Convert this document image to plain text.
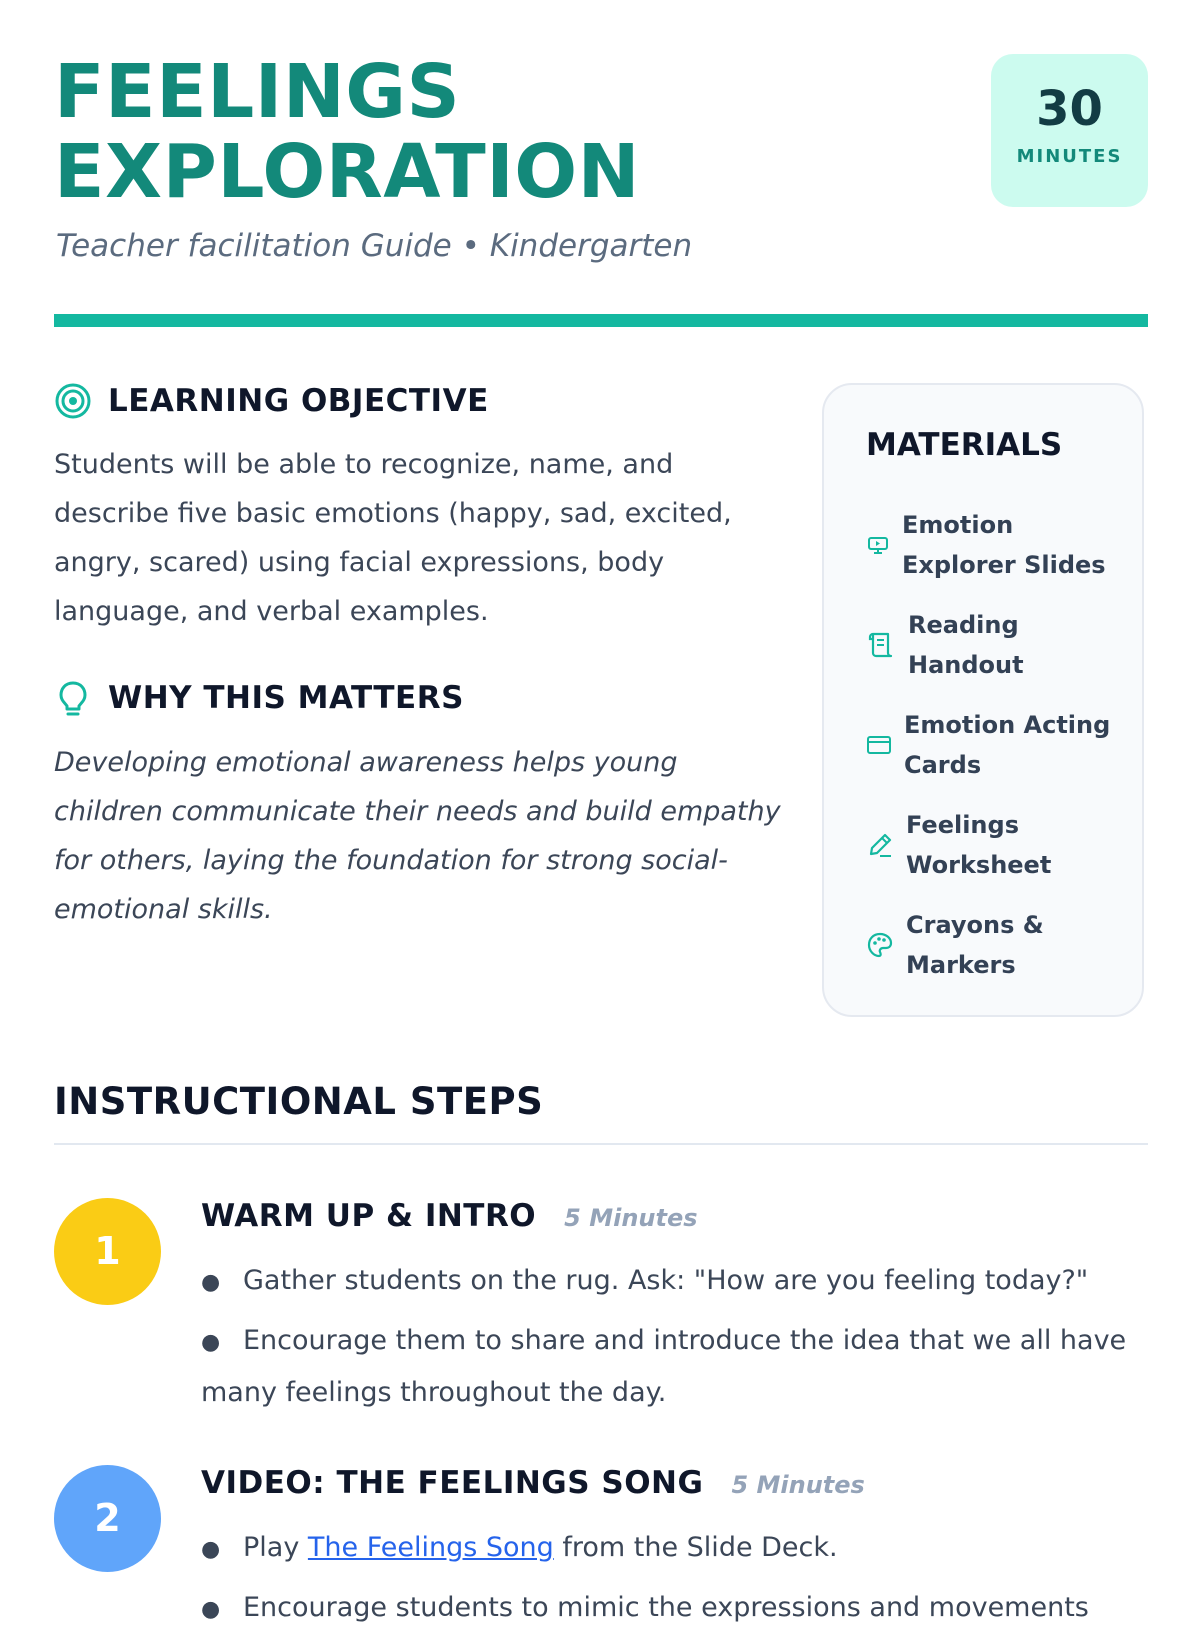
FEELINGS
EXPLORATION
Teacher facilitation Guide • Kindergarten
30
MINUTES
LEARNING OBJECTIVE
Students will be able to recognize, name, and describe five basic emotions (happy, sad, excited, angry, scared) using facial expressions, body language, and verbal examples.
WHY THIS MATTERS
Developing emotional awareness helps young children communicate their needs and build empathy for others, laying the foundation for strong social-emotional skills.
MATERIALS
Emotion Explorer Slides
Reading Handout
Emotion Acting Cards
Feelings Worksheet
Crayons & Markers
INSTRUCTIONAL STEPS
1
WARM UP & INTRO 5 Minutes
● Gather students on the rug. Ask: "How are you feeling today?"
● Encourage them to share and introduce the idea that we all have many feelings throughout the day.
2
VIDEO: THE FEELINGS SONG 5 Minutes
● Play The Feelings Song from the Slide Deck.
● Encourage students to mimic the expressions and movements
